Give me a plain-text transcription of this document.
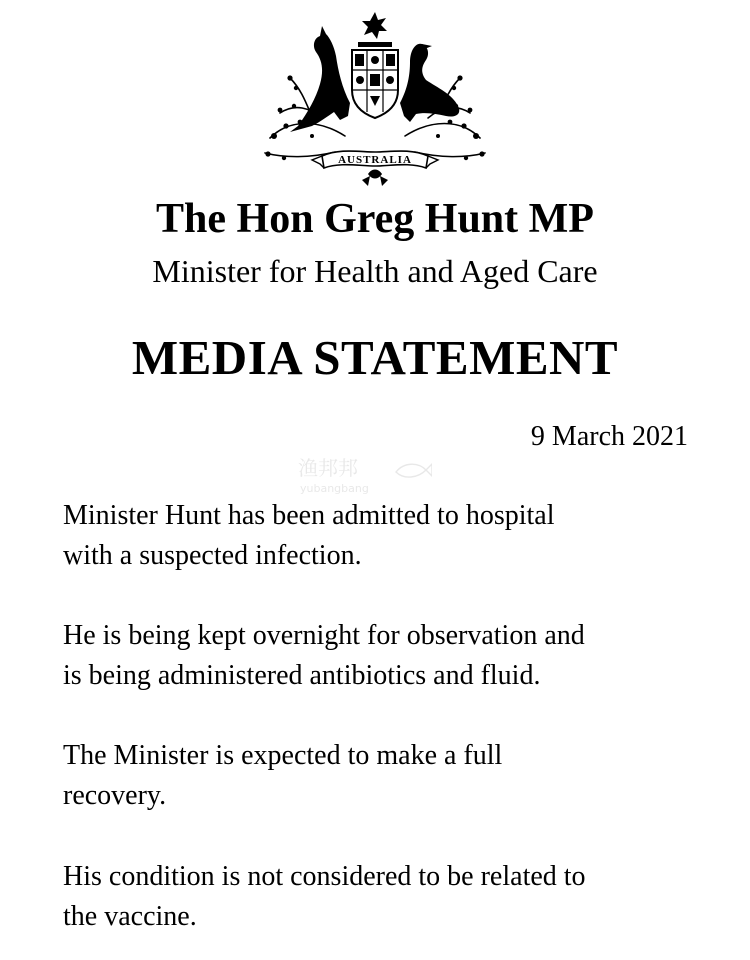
AUSTRALIA
The Hon Greg Hunt MP

Minister for Health and Aged Care

MEDIA STATEMENT

9 March 2021

渔邦邦
yubangbang

Minister Hunt has been admitted to hospital
with a suspected infection.

He is being kept overnight for observation and
is being administered antibiotics and fluid.

The Minister is expected to make a full
recovery.

His condition is not considered to be related to
the vaccine.
